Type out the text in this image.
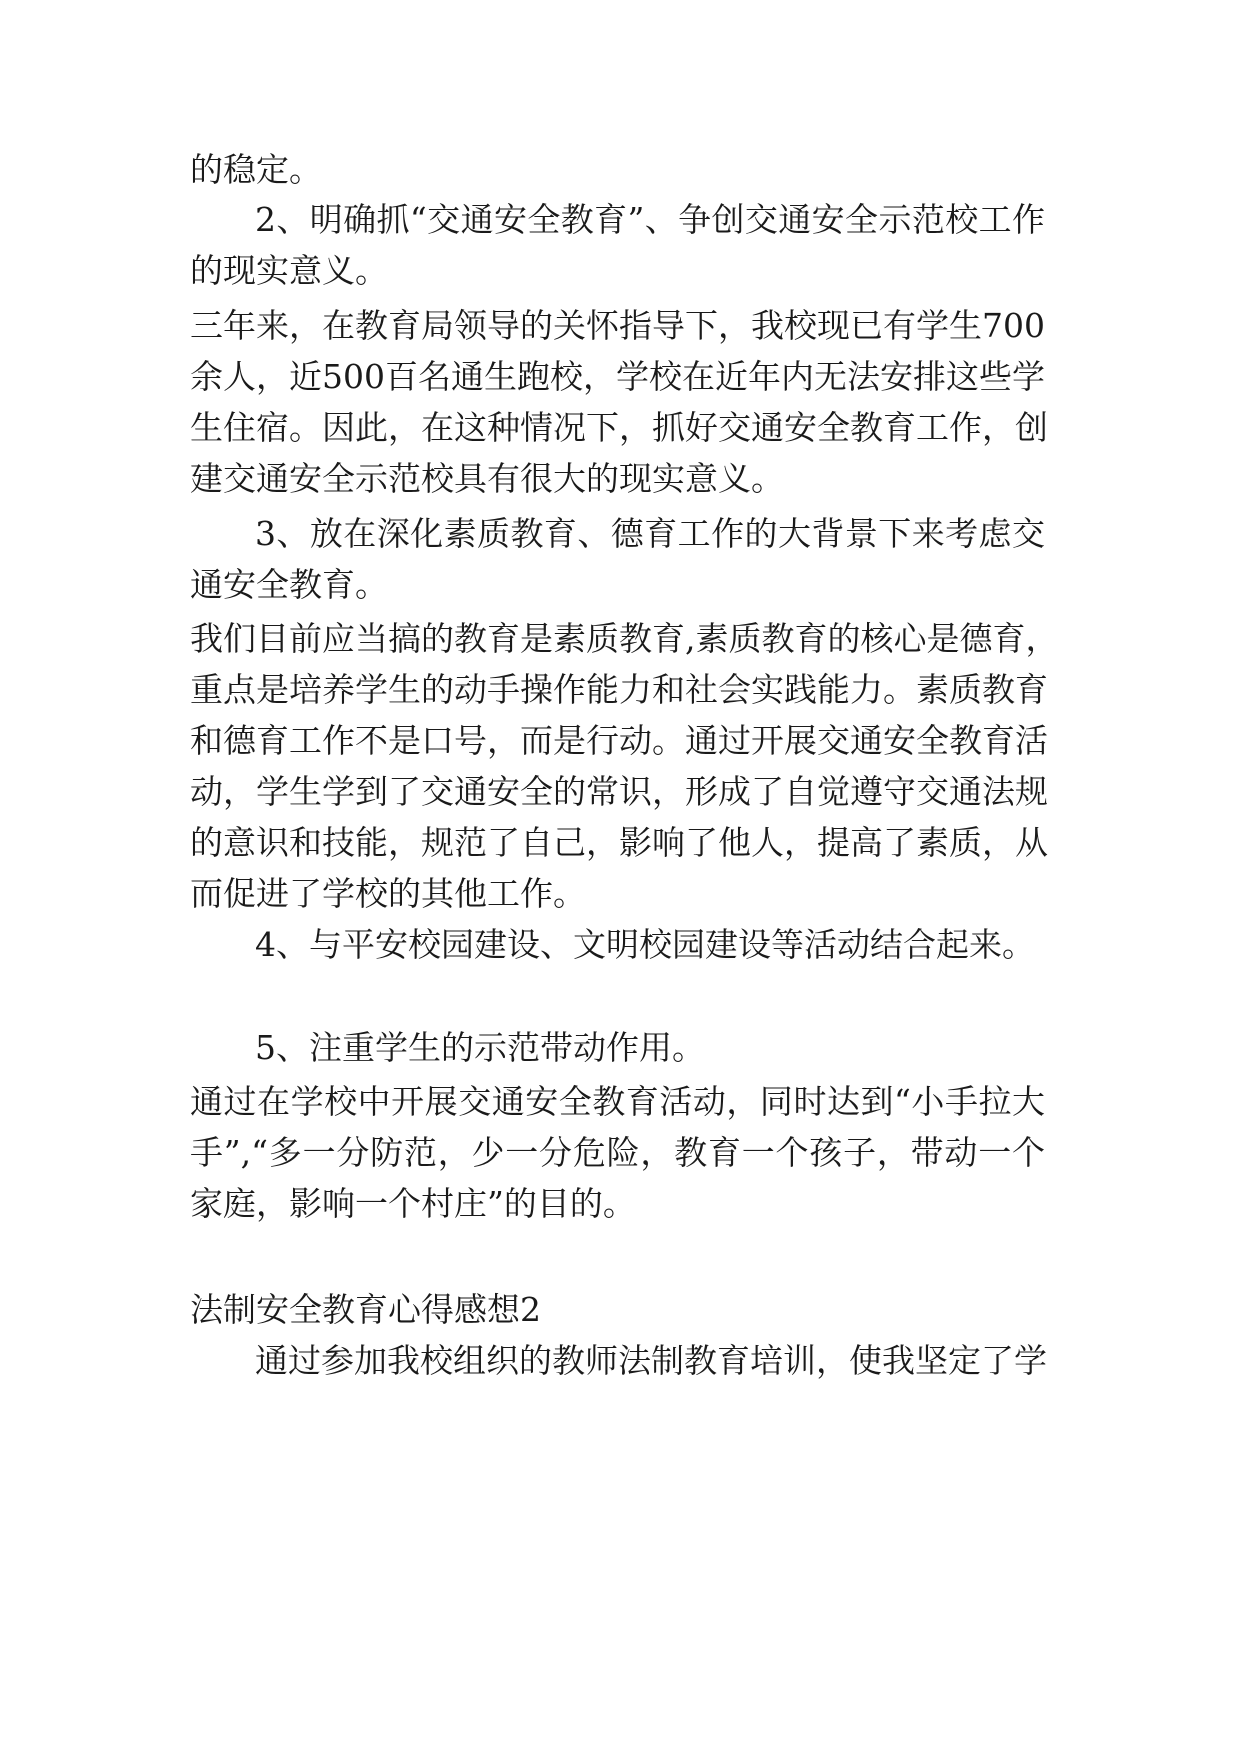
的稳定。

2、明确抓“交通安全教育”、争创交通安全示范校工作

的现实意义。

三年来，在教育局领导的关怀指导下，我校现已有学生700

余人，近500百名通生跑校，学校在近年内无法安排这些学

生住宿。因此，在这种情况下，抓好交通安全教育工作，创

建交通安全示范校具有很大的现实意义。

3、放在深化素质教育、德育工作的大背景下来考虑交

通安全教育。

我们目前应当搞的教育是素质教育,素质教育的核心是德育，

重点是培养学生的动手操作能力和社会实践能力。素质教育

和德育工作不是口号，而是行动。通过开展交通安全教育活

动，学生学到了交通安全的常识，形成了自觉遵守交通法规

的意识和技能，规范了自己，影响了他人，提高了素质，从

而促进了学校的其他工作。

4、与平安校园建设、文明校园建设等活动结合起来。

5、注重学生的示范带动作用。

通过在学校中开展交通安全教育活动，同时达到“小手拉大

手”,“多一分防范，少一分危险，教育一个孩子，带动一个

家庭，影响一个村庄”的目的。

法制安全教育心得感想2

通过参加我校组织的教师法制教育培训，使我坚定了学
